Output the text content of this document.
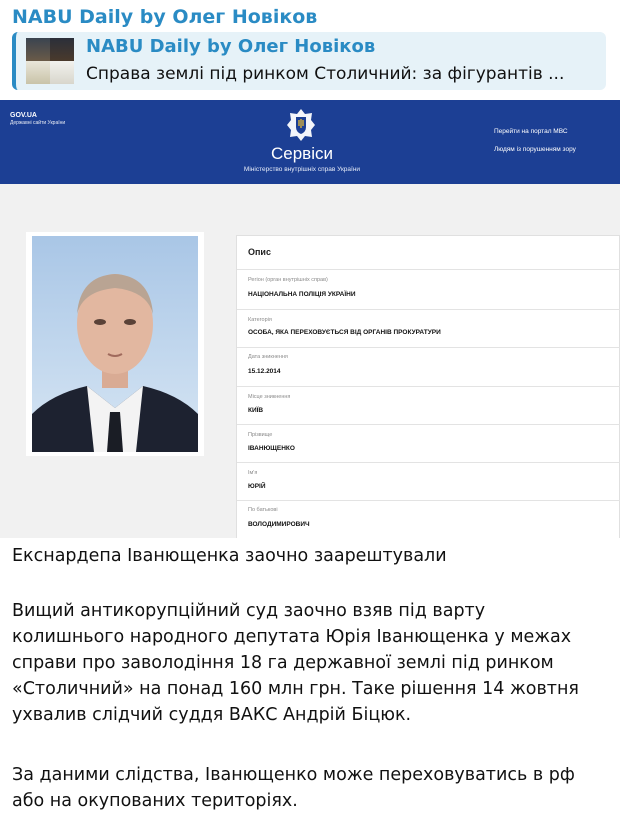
NABU Daily by Олег Новіков
NABU Daily by Олег Новіков
Справа землі під ринком Столичний: за фігурантів ...
GOV.UA
Державні сайти України
Сервіси
Міністерство внутрішніх справ України
Перейти на портал МВС
Людям із порушенням зору
Опис
Регіон (орган внутрішніх справ)
НАЦІОНАЛЬНА ПОЛІЦІЯ УКРАЇНИ
Категорія
ОСОБА, ЯКА ПЕРЕХОВУЄТЬСЯ ВІД ОРГАНІВ ПРОКУРАТУРИ
Дата зникнення
15.12.2014
Місце зникнення
КИЇВ
Прізвище
ІВАНЮЩЕНКО
Ім'я
ЮРІЙ
По батькові
ВОЛОДИМИРОВИЧ
Екснардепа Іванющенка заочно заарештували
Вищий антикорупційний суд заочно взяв під варту
колишнього народного депутата Юрія Іванющенка у межах
справи про заволодіння 18 га державної землі під ринком
«Столичний» на понад 160 млн грн. Таке рішення 14 жовтня
ухвалив слідчий суддя ВАКС Андрій Біцюк.
За даними слідства, Іванющенко може переховуватись в рф
або на окупованих територіях.
